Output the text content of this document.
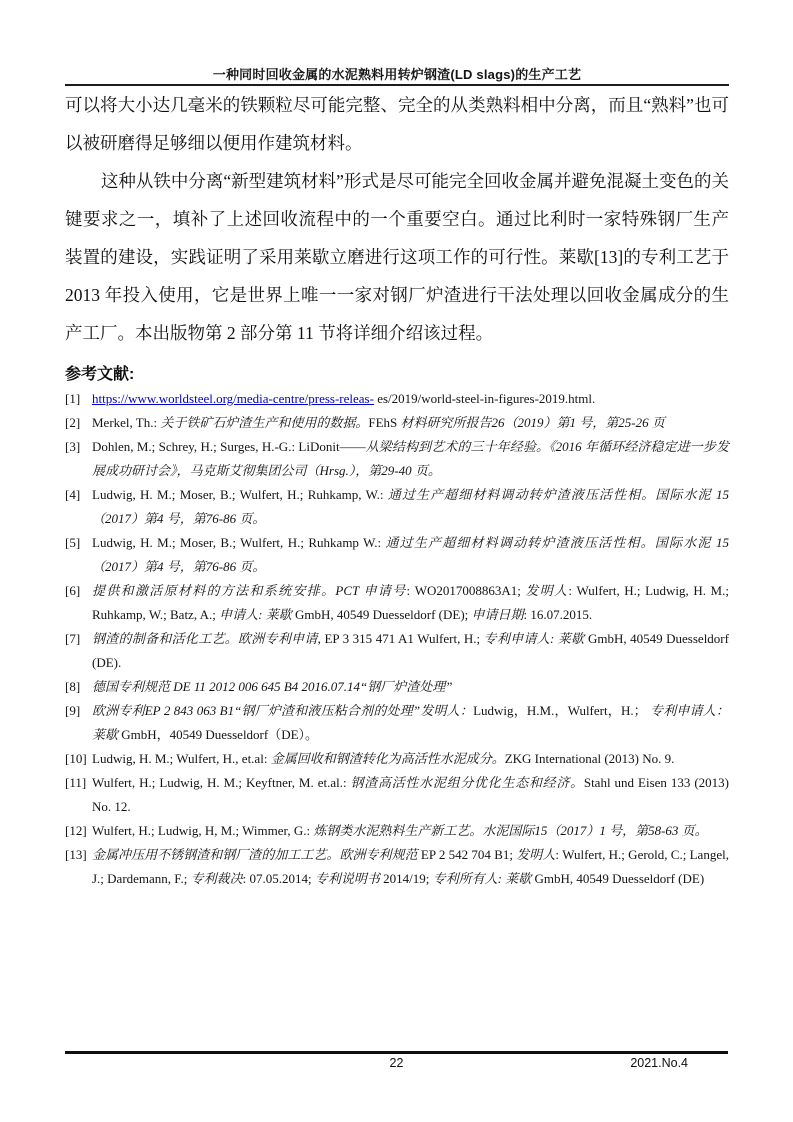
一种同时回收金属的水泥熟料用转炉钢渣(LD slags)的生产工艺

可以将大小达几毫米的铁颗粒尽可能完整、完全的从类熟料相中分离，而且“熟料”也可以被研磨得足够细以便用作建筑材料。

这种从铁中分离“新型建筑材料”形式是尽可能完全回收金属并避免混凝土变色的关键要求之一，填补了上述回收流程中的一个重要空白。通过比利时一家特殊钢厂生产装置的建设，实践证明了采用莱歇立磨进行这项工作的可行性。莱歇[13]的专利工艺于 2013 年投入使用，它是世界上唯一一家对钢厂炉渣进行干法处理以回收金属成分的生产工厂。本出版物第 2 部分第 11 节将详细介绍该过程。

参考文献:
[1] https://www.worldsteel.org/media-centre/press-releas- es/2019/world-steel-in-figures-2019.html.
[2] Merkel, Th.: 关于铁矿石炉渣生产和使用的数据。FEhS 材料研究所报告26（2019）第1 号，第25-26 页
[3] Dohlen, M.; Schrey, H.; Surges, H.-G.: LiDonit——从梁结构到艺术的三十年经验。《2016 年循环经济稳定进一步发展成功研讨会》，马克斯艾彻集团公司（Hrsg.），第29-40 页。
[4] Ludwig, H. M.; Moser, B.; Wulfert, H.; Ruhkamp, W.: 通过生产超细材料调动转炉渣液压活性相。国际水泥 15（2017）第4 号，第76-86 页。
[5] Ludwig, H. M.; Moser, B.; Wulfert, H.; Ruhkamp W.: 通过生产超细材料调动转炉渣液压活性相。国际水泥 15（2017）第4 号，第76-86 页。
[6] 提供和激活原材料的方法和系统安排。PCT 申请号: WO2017008863A1; 发明人: Wulfert, H.; Ludwig, H. M.; Ruhkamp, W.; Batz, A.; 申请人: 莱歇 GmbH, 40549 Duesseldorf (DE); 申请日期: 16.07.2015.
[7] 钢渣的制备和活化工艺。欧洲专利申请, EP 3 315 471 A1 Wulfert, H.; 专利申请人: 莱歇 GmbH, 40549 Duesseldorf (DE).
[8] 德国专利规范 DE 11 2012 006 645 B4 2016.07.14“钢厂炉渣处理”
[9] 欧洲专利EP 2 843 063 B1“钢厂炉渣和液压粘合剂的处理”发明人：Ludwig，H.M.，Wulfert，H.； 专利申请人：莱歇 GmbH，40549 Duesseldorf（DE）。
[10] Ludwig, H. M.; Wulfert, H., et.al: 金属回收和钢渣转化为高活性水泥成分。ZKG International (2013) No. 9.
[11] Wulfert, H.; Ludwig, H. M.; Keyftner, M. et.al.: 钢渣高活性水泥组分优化生态和经济。Stahl und Eisen 133 (2013) No. 12.
[12] Wulfert, H.; Ludwig, H, M.; Wimmer, G.: 炼钢类水泥熟料生产新工艺。水泥国际15（2017）1 号，第58-63 页。
[13] 金属冲压用不锈钢渣和钢厂渣的加工工艺。欧洲专利规范 EP 2 542 704 B1; 发明人: Wulfert, H.; Gerold, C.; Langel, J.; Dardemann, F.; 专利裁决: 07.05.2014; 专利说明书 2014/19; 专利所有人: 莱歇 GmbH, 40549 Duesseldorf (DE)
22	2021.No.4
